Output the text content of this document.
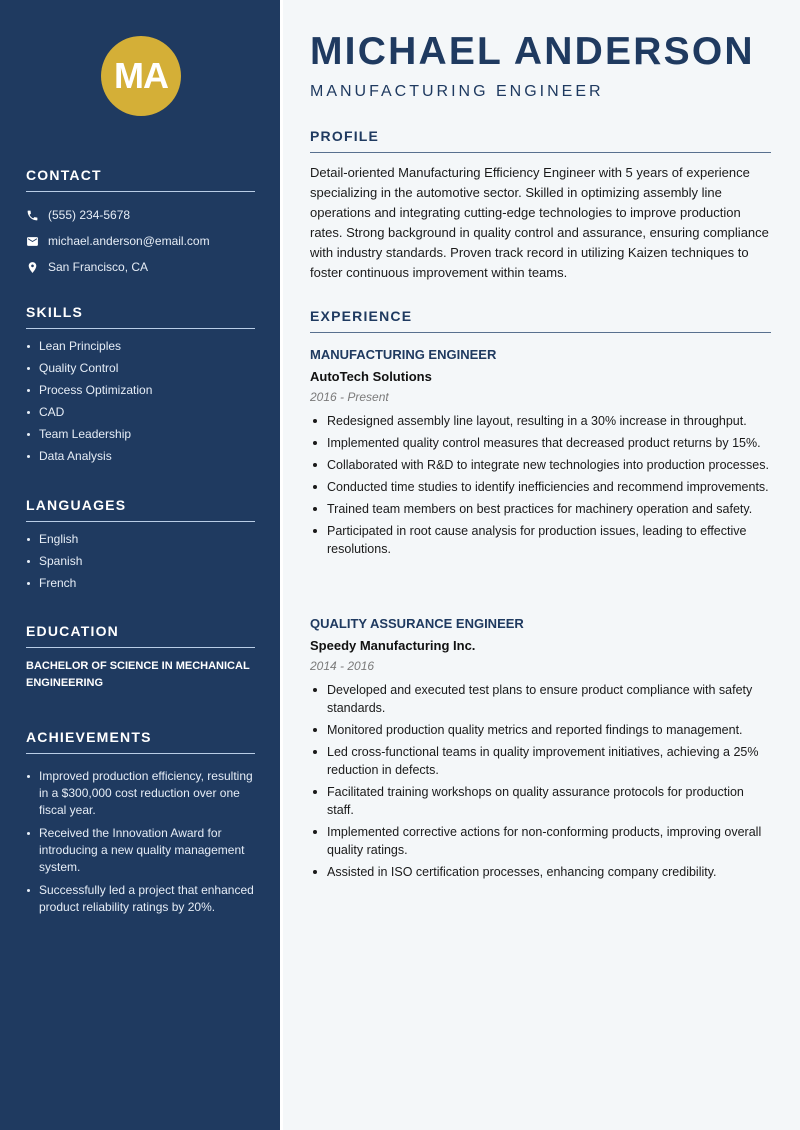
MA
CONTACT
(555) 234-5678
michael.anderson@email.com
San Francisco, CA
SKILLS
Lean Principles
Quality Control
Process Optimization
CAD
Team Leadership
Data Analysis
LANGUAGES
English
Spanish
French
EDUCATION
BACHELOR OF SCIENCE IN MECHANICAL ENGINEERING
ACHIEVEMENTS
Improved production efficiency, resulting in a $300,000 cost reduction over one fiscal year.
Received the Innovation Award for introducing a new quality management system.
Successfully led a project that enhanced product reliability ratings by 20%.
MICHAEL ANDERSON
MANUFACTURING ENGINEER
PROFILE

Detail-oriented Manufacturing Efficiency Engineer with 5 years of experience specializing in the automotive sector. Skilled in optimizing assembly line operations and integrating cutting-edge technologies to improve production rates. Strong background in quality control and assurance, ensuring compliance with industry standards. Proven track record in utilizing Kaizen techniques to foster continuous improvement within teams.

EXPERIENCE
MANUFACTURING ENGINEER
AutoTech Solutions
2016 - Present
Redesigned assembly line layout, resulting in a 30% increase in throughput.
Implemented quality control measures that decreased product returns by 15%.
Collaborated with R&D to integrate new technologies into production processes.
Conducted time studies to identify inefficiencies and recommend improvements.
Trained team members on best practices for machinery operation and safety.
Participated in root cause analysis for production issues, leading to effective resolutions.
QUALITY ASSURANCE ENGINEER
Speedy Manufacturing Inc.
2014 - 2016
Developed and executed test plans to ensure product compliance with safety standards.
Monitored production quality metrics and reported findings to management.
Led cross-functional teams in quality improvement initiatives, achieving a 25% reduction in defects.
Facilitated training workshops on quality assurance protocols for production staff.
Implemented corrective actions for non-conforming products, improving overall quality ratings.
Assisted in ISO certification processes, enhancing company credibility.
